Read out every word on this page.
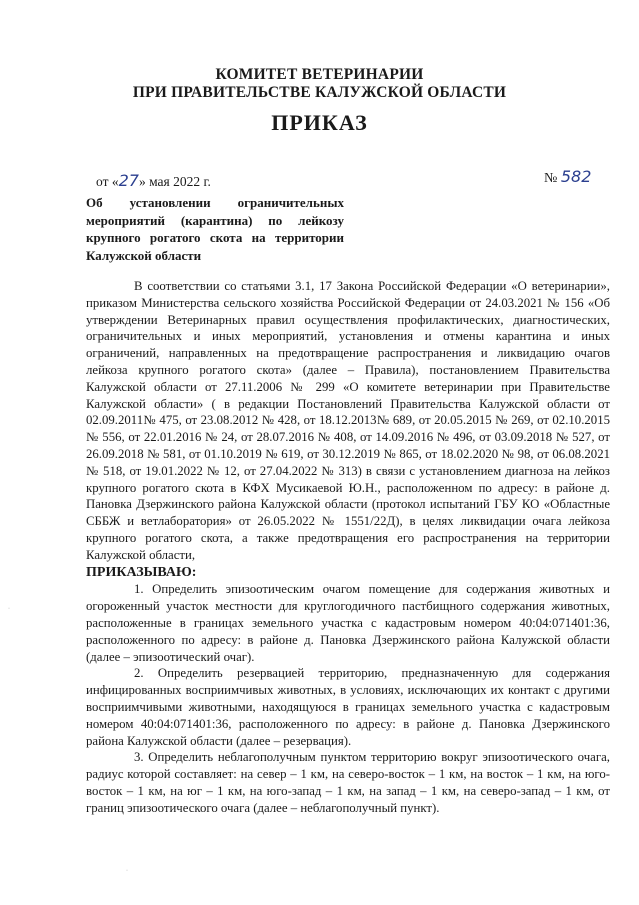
КОМИТЕТ ВЕТЕРИНАРИИ
ПРИ ПРАВИТЕЛЬСТВЕ КАЛУЖСКОЙ ОБЛАСТИ
ПРИКАЗ
от «27» мая 2022 г.	№ 582
Об установлении ограничительных мероприятий (карантина) по лейкозу крупного рогатого скота на территории Калужской области

В соответствии со статьями 3.1, 17 Закона Российской Федерации «О ветеринарии», приказом Министерства сельского хозяйства Российской Федерации от 24.03.2021 № 156 «Об утверждении Ветеринарных правил осуществления профилактических, диагностических, ограничительных и иных мероприятий, установления и отмены карантина и иных ограничений, направленных на предотвращение распространения и ликвидацию очагов лейкоза крупного рогатого скота» (далее – Правила), постановлением Правительства Калужской области от 27.11.2006 № 299 «О комитете ветеринарии при Правительстве Калужской области» ( в редакции Постановлений Правительства Калужской области от 02.09.2011№ 475, от 23.08.2012 № 428, от 18.12.2013№ 689, от 20.05.2015 № 269, от 02.10.2015 № 556, от 22.01.2016 № 24, от 28.07.2016 № 408, от 14.09.2016 № 496, от 03.09.2018 № 527, от 26.09.2018 № 581, от 01.10.2019 № 619, от 30.12.2019 № 865, от 18.02.2020 № 98, от 06.08.2021 № 518, от 19.01.2022 № 12, от 27.04.2022 № 313) в связи с установлением диагноза на лейкоз крупного рогатого скота в КФХ Мусикаевой Ю.Н., расположенном по адресу: в районе д. Пановка Дзержинского района Калужской области (протокол испытаний ГБУ КО «Областные СББЖ и ветлаборатория» от 26.05.2022 № 1551/22Д), в целях ликвидации очага лейкоза крупного рогатого скота, а также предотвращения его распространения на территории Калужской области,

ПРИКАЗЫВАЮ:

1. Определить эпизоотическим очагом помещение для содержания животных и огороженный участок местности для круглогодичного пастбищного содержания животных, расположенные в границах земельного участка с кадастровым номером 40:04:071401:36, расположенного по адресу: в районе д. Пановка Дзержинского района Калужской области (далее – эпизоотический очаг).

2. Определить резервацией территорию, предназначенную для содержания инфицированных восприимчивых животных, в условиях, исключающих их контакт с другими восприимчивыми животными, находящуюся в границах земельного участка с кадастровым номером 40:04:071401:36, расположенного по адресу: в районе д. Пановка Дзержинского района Калужской области (далее – резервация).

3. Определить неблагополучным пунктом территорию вокруг эпизоотического очага, радиус которой составляет: на север – 1 км, на северо-восток – 1 км, на восток – 1 км, на юго-восток – 1 км, на юг – 1 км, на юго-запад – 1 км, на запад – 1 км, на северо-запад – 1 км, от границ эпизоотического очага (далее – неблагополучный пункт).

·
·
